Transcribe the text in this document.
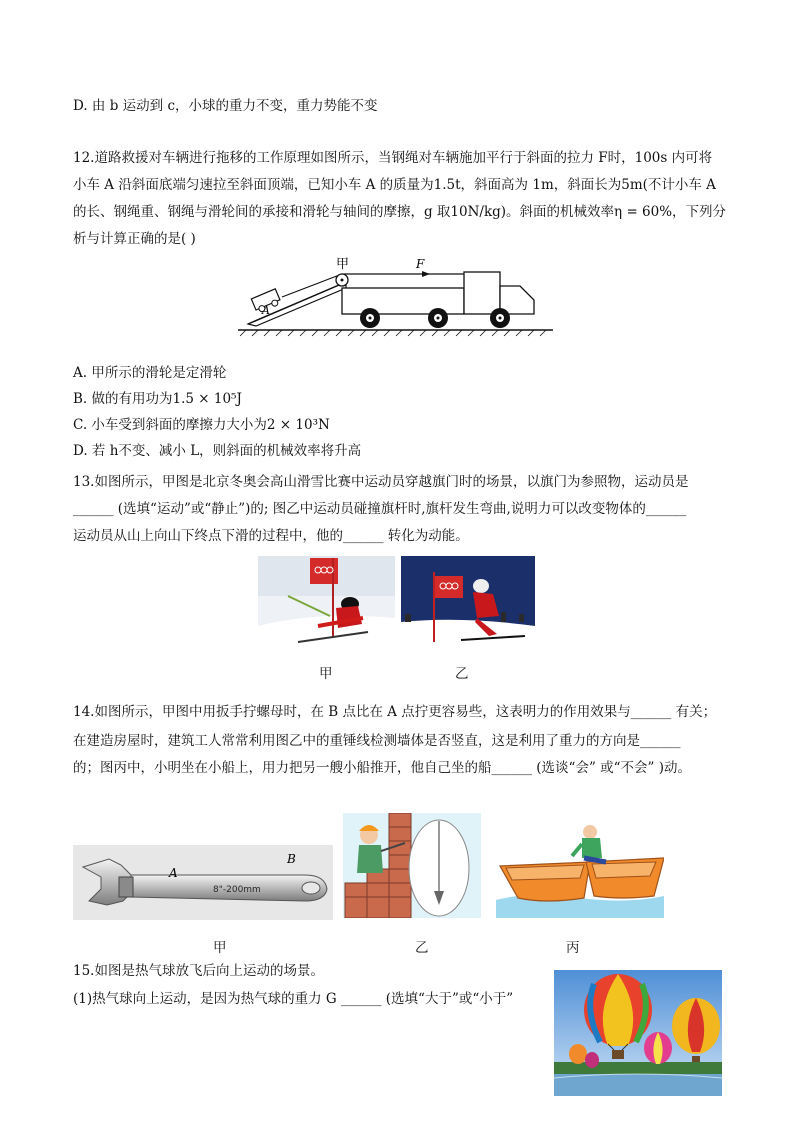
D. 由 b 运动到 c，小球的重力不变，重力势能不变
12.道路救援对车辆进行拖移的工作原理如图所示，当钢绳对车辆施加平行于斜面的拉力 F时，100s 内可将
小车 A 沿斜面底端匀速拉至斜面顶端，已知小车 A 的质量为1.5t，斜面高为 1m，斜面长为5m(不计小车 A
的长、钢绳重、钢绳与滑轮间的承接和滑轮与轴间的摩擦，g 取10N/kg)。斜面的机械效率η = 60%，下列分
析与计算正确的是( )
甲	F
A
A. 甲所示的滑轮是定滑轮
B. 做的有用功为1.5 × 10⁵J
C. 小车受到斜面的摩擦力大小为2 × 10³N
D. 若 h不变、减小 L，则斜面的机械效率将升高
13.如图所示，甲图是北京冬奥会高山滑雪比赛中运动员穿越旗门时的场景，以旗门为参照物，运动员是
______ (选填“运动”或“静止”)的; 图乙中运动员碰撞旗杆时,旗杆发生弯曲,说明力可以改变物体的______
运动员从山上向山下终点下滑的过程中，他的______ 转化为动能。
甲	乙
14.如图所示，甲图中用扳手拧螺母时，在 B 点比在 A 点拧更容易些，这表明力的作用效果与______ 有关；
在建造房屋时，建筑工人常常利用图乙中的重锤线检测墙体是否竖直，这是利用了重力的方向是______
的；图丙中，小明坐在小船上，用力把另一艘小船推开，他自己坐的船______ (选谈“会” 或“不会” )动。
A
B
8"-200mm
甲	乙	丙
15.如图是热气球放飞后向上运动的场景。
(1)热气球向上运动，是因为热气球的重力 G ______ (选填“大于”或“小于”
